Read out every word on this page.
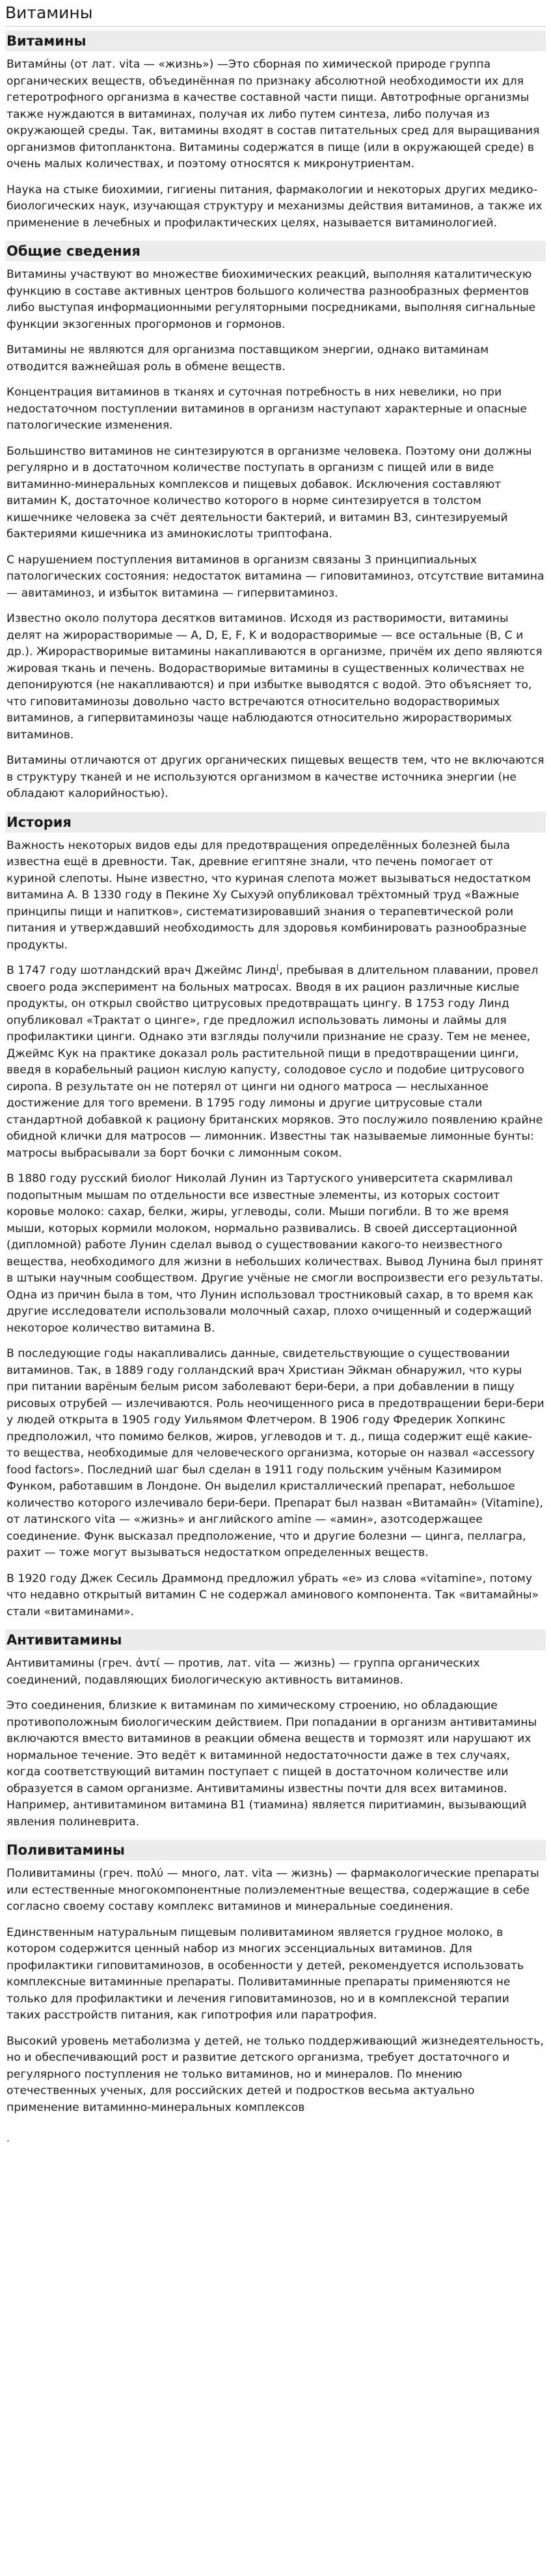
Витамины
Витамины

Витами́ны (от лат. vita — «жизнь») —Это сборная по химической природе группа органических веществ, объединённая по признаку абсолютной необходимости их для гетеротрофного организма в качестве составной части пищи. Автотрофные организмы также нуждаются в витаминах, получая их либо путем синтеза, либо получая из окружающей среды. Так, витамины входят в состав питательных сред для выращивания организмов фитопланктона. Витамины содержатся в пище (или в окружающей среде) в очень малых количествах, и поэтому относятся к микронутриентам.

Наука на стыке биохимии, гигиены питания, фармакологии и некоторых других медико-биологических наук, изучающая структуру и механизмы действия витаминов, а также их применение в лечебных и профилактических целях, называется витаминологией.

Общие сведения

Витамины участвуют во множестве биохимических реакций, выполняя каталитическую функцию в составе активных центров большого количества разнообразных ферментов либо выступая информационными регуляторными посредниками, выполняя сигнальные функции экзогенных прогормонов и гормонов.

Витамины не являются для организма поставщиком энергии, однако витаминам отводится важнейшая роль в обмене веществ.

Концентрация витаминов в тканях и суточная потребность в них невелики, но при недостаточном поступлении витаминов в организм наступают характерные и опасные патологические изменения.

Большинство витаминов не синтезируются в организме человека. Поэтому они должны регулярно и в достаточном количестве поступать в организм с пищей или в виде витаминно-минеральных комплексов и пищевых добавок. Исключения составляют витамин K, достаточное количество которого в норме синтезируется в толстом кишечнике человека за счёт деятельности бактерий, и витамин B3, синтезируемый бактериями кишечника из аминокислоты триптофана.

С нарушением поступления витаминов в организм связаны 3 принципиальных патологических состояния: недостаток витамина — гиповитаминоз, отсутствие витамина — авитаминоз, и избыток витамина — гипервитаминоз.

Известно около полутора десятков витаминов. Исходя из растворимости, витамины делят на жирорастворимые — A, D, E, F, K и водорастворимые — все остальные (B, C и др.). Жирорастворимые витамины накапливаются в организме, причём их депо являются жировая ткань и печень. Водорастворимые витамины в существенных количествах не депонируются (не накапливаются) и при избытке выводятся с водой. Это объясняет то, что гиповитаминозы довольно часто встречаются относительно водорастворимых витаминов, а гипервитаминозы чаще наблюдаются относительно жирорастворимых витаминов.

Витамины отличаются от других органических пищевых веществ тем, что не включаются в структуру тканей и не используются организмом в качестве источника энергии (не обладают калорийностью).

История

Важность некоторых видов еды для предотвращения определённых болезней была известна ещё в древности. Так, древние египтяне знали, что печень помогает от куриной слепоты. Ныне известно, что куриная слепота может вызываться недостатком витамина A. В 1330 году в Пекине Ху Сыхуэй опубликовал трёхтомный труд «Важные принципы пищи и напитков», систематизировавший знания о терапевтической роли питания и утверждавший необходимость для здоровья комбинировать разнообразные продукты.

В 1747 году шотландский врач Джеймс Линд[, пребывая в длительном плавании, провел своего рода эксперимент на больных матросах. Вводя в их рацион различные кислые продукты, он открыл свойство цитрусовых предотвращать цингу. В 1753 году Линд опубликовал «Трактат о цинге», где предложил использовать лимоны и лаймы для профилактики цинги. Однако эти взгляды получили признание не сразу. Тем не менее, Джеймс Кук на практике доказал роль растительной пищи в предотвращении цинги, введя в корабельный рацион кислую капусту, солодовое сусло и подобие цитрусового сиропа. В результате он не потерял от цинги ни одного матроса — неслыханное достижение для того времени. В 1795 году лимоны и другие цитрусовые стали стандартной добавкой к рациону британских моряков. Это послужило появлению крайне обидной клички для матросов — лимонник. Известны так называемые лимонные бунты: матросы выбрасывали за борт бочки с лимонным соком.

В 1880 году русский биолог Николай Лунин из Тартуского университета скармливал подопытным мышам по отдельности все известные элементы, из которых состоит коровье молоко: сахар, белки, жиры, углеводы, соли. Мыши погибли. В то же время мыши, которых кормили молоком, нормально развивались. В своей диссертационной (дипломной) работе Лунин сделал вывод о существовании какого-то неизвестного вещества, необходимого для жизни в небольших количествах. Вывод Лунина был принят в штыки научным сообществом. Другие учёные не смогли воспроизвести его результаты. Одна из причин была в том, что Лунин использовал тростниковый сахар, в то время как другие исследователи использовали молочный сахар, плохо очищенный и содержащий некоторое количество витамина B.

В последующие годы накапливались данные, свидетельствующие о существовании витаминов. Так, в 1889 году голландский врач Христиан Эйкман обнаружил, что куры при питании варёным белым рисом заболевают бери-бери, а при добавлении в пищу рисовых отрубей — излечиваются. Роль неочищенного риса в предотвращении бери-бери у людей открыта в 1905 году Уильямом Флетчером. В 1906 году Фредерик Хопкинс предположил, что помимо белков, жиров, углеводов и т. д., пища содержит ещё какие-то вещества, необходимые для человеческого организма, которые он назвал «accessory food factors». Последний шаг был сделан в 1911 году польским учёным Казимиром Функом, работавшим в Лондоне. Он выделил кристаллический препарат, небольшое количество которого излечивало бери-бери. Препарат был назван «Витамайн» (Vitamine), от латинского vita — «жизнь» и английского amine — «амин», азотсодержащее соединение. Функ высказал предположение, что и другие болезни — цинга, пеллагра, рахит — тоже могут вызываться недостатком определенных веществ.

В 1920 году Джек Сесиль Драммонд предложил убрать «e» из слова «vitamine», потому что недавно открытый витамин C не содержал аминового компонента. Так «витамайны» стали «витаминами».

Антивитамины

Антивитамины (греч. ἀντί — против, лат. vita — жизнь) — группа органических соединений, подавляющих биологическую активность витаминов.

Это соединения, близкие к витаминам по химическому строению, но обладающие противоположным биологическим действием. При попадании в организм антивитамины включаются вместо витаминов в реакции обмена веществ и тормозят или нарушают их нормальное течение. Это ведёт к витаминной недостаточности даже в тех случаях, когда соответствующий витамин поступает с пищей в достаточном количестве или образуется в самом организме. Антивитамины известны почти для всех витаминов. Например, антивитамином витамина B1 (тиамина) является пиритиамин, вызывающий явления полиневрита.

Поливитамины

Поливитамины (греч. πολύ — много, лат. vita — жизнь) — фармакологические препараты или естественные многокомпонентные полиэлементные вещества, содержащие в себе согласно своему составу комплекс витаминов и минеральные соединения.

Единственным натуральным пищевым поливитамином является грудное молоко, в котором содержится ценный набор из многих эссенциальных витаминов. Для профилактики гиповитаминозов, в особенности у детей, рекомендуется использовать комплексные витаминные препараты. Поливитаминные препараты применяются не только для профилактики и лечения гиповитаминозов, но и в комплексной терапии таких расстройств питания, как гипотрофия или паратрофия.

Высокий уровень метаболизма у детей, не только поддерживающий жизнедеятельность, но и обеспечивающий рост и развитие детского организма, требует достаточного и регулярного поступления не только витаминов, но и минералов. По мнению отечественных ученых, для российских детей и подростков весьма актуально применение витаминно-минеральных комплексов

.
